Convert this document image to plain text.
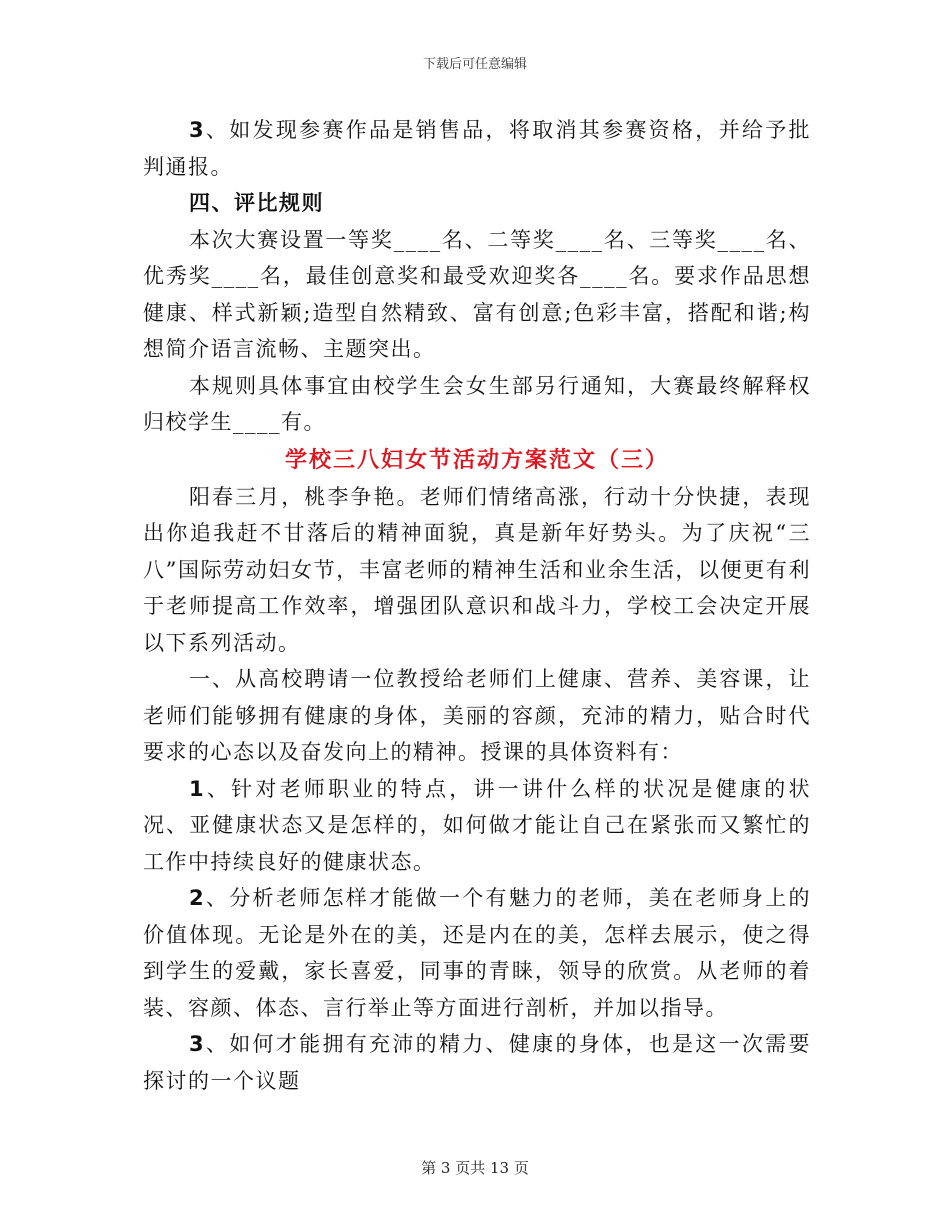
下载后可任意编辑

3、如发现参赛作品是销售品，将取消其参赛资格，并给予批判通报。

四、评比规则

本次大赛设置一等奖____名、二等奖____名、三等奖____名、优秀奖____名，最佳创意奖和最受欢迎奖各____名。要求作品思想健康、样式新颖;造型自然精致、富有创意;色彩丰富，搭配和谐;构想简介语言流畅、主题突出。

本规则具体事宜由校学生会女生部另行通知，大赛最终解释权归校学生____有。

学校三八妇女节活动方案范文（三）

阳春三月，桃李争艳。老师们情绪高涨，行动十分快捷，表现出你追我赶不甘落后的精神面貌，真是新年好势头。为了庆祝“三八”国际劳动妇女节，丰富老师的精神生活和业余生活，以便更有利于老师提高工作效率，增强团队意识和战斗力，学校工会决定开展以下系列活动。

一、从高校聘请一位教授给老师们上健康、营养、美容课，让老师们能够拥有健康的身体，美丽的容颜，充沛的精力，贴合时代要求的心态以及奋发向上的精神。授课的具体资料有：

1、针对老师职业的特点，讲一讲什么样的状况是健康的状况、亚健康状态又是怎样的，如何做才能让自己在紧张而又繁忙的工作中持续良好的健康状态。

2、分析老师怎样才能做一个有魅力的老师，美在老师身上的价值体现。无论是外在的美，还是内在的美，怎样去展示，使之得到学生的爱戴，家长喜爱，同事的青睐，领导的欣赏。从老师的着装、容颜、体态、言行举止等方面进行剖析，并加以指导。

3、如何才能拥有充沛的精力、健康的身体，也是这一次需要探讨的一个议题

第 3 页共 13 页
